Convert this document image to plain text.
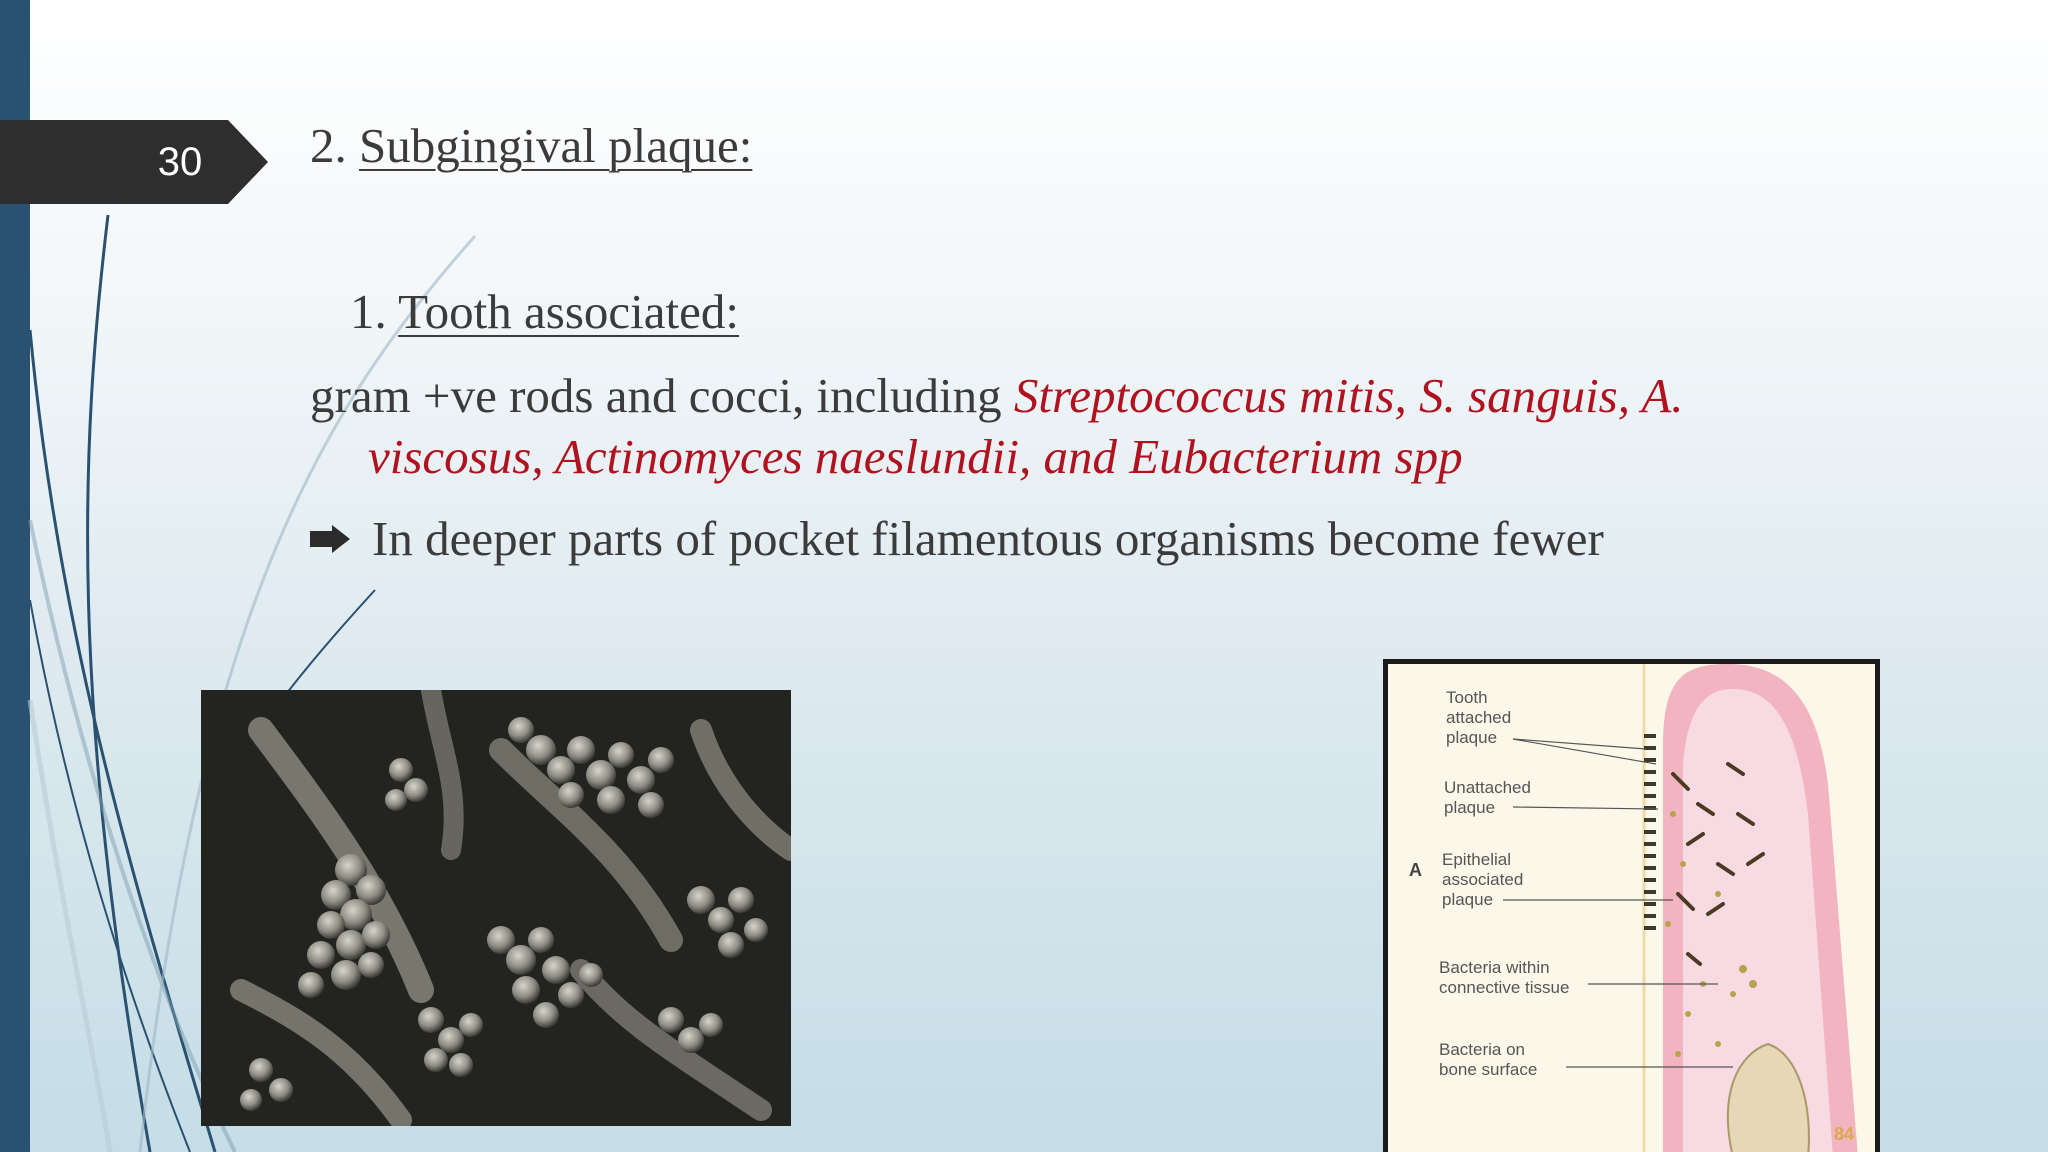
30	2. Subgingival plaque:
1. Tooth associated:
gram +ve rods and cocci, including Streptococcus mitis, S. sanguis, A.
viscosus, Actinomyces naeslundii, and Eubacterium spp
In deeper parts of pocket filamentous organisms become fewer
Tooth
attached
plaque
Unattached
plaque
Epithelial
associated
plaque
Bacteria within
connective tissue
Bacteria on
bone surface
A
84
